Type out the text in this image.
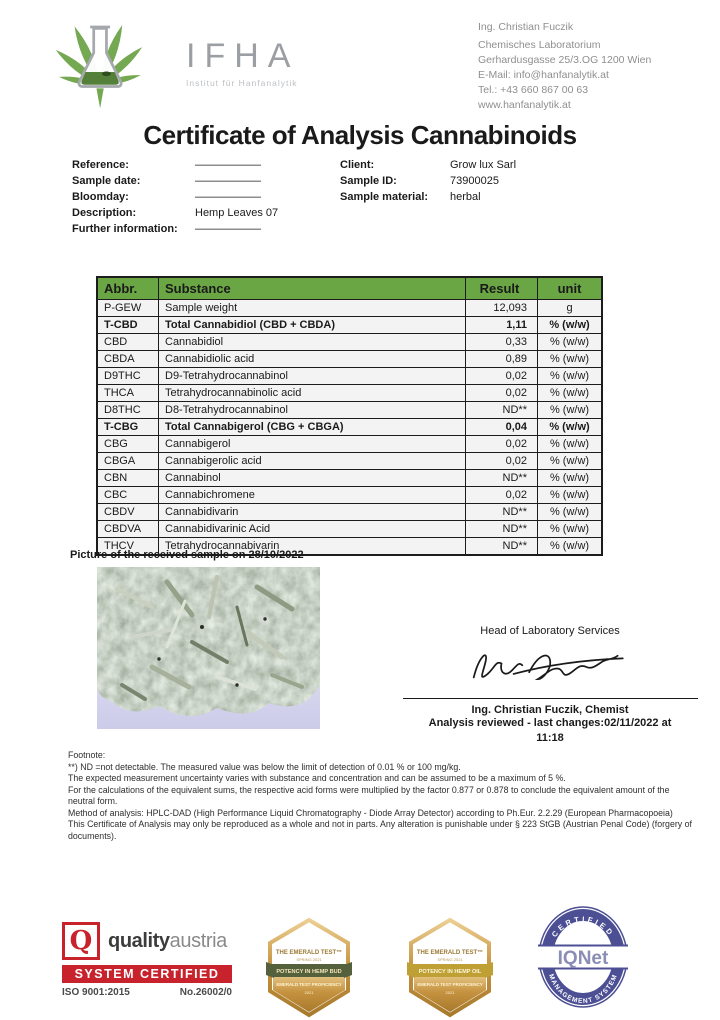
IFHA
Institut für Hanfanalytik
Ing. Christian Fuczik
Chemisches Laboratorium
Gerhardusgasse 25/3.OG 1200 Wien
E-Mail: info@hanfanalytik.at
Tel.: +43 660 867 00 63
www.hanfanalytik.at
Certificate of Analysis Cannabinoids
Reference:	——————
Sample date:	——————
Bloomday:	——————
Description:	Hemp Leaves 07
Further information:	——————
Client:	Grow lux Sarl
Sample ID:	73900025
Sample material:	herbal
Abbr.	Substance	Result	unit
P-GEW	Sample weight	12,093	g
T-CBD	Total Cannabidiol (CBD + CBDA)	1,11	% (w/w)
CBD	Cannabidiol	0,33	% (w/w)
CBDA	Cannabidiolic acid	0,89	% (w/w)
D9THC	D9-Tetrahydrocannabinol	0,02	% (w/w)
THCA	Tetrahydrocannabinolic acid	0,02	% (w/w)
D8THC	D8-Tetrahydrocannabinol	ND**	% (w/w)
T-CBG	Total Cannabigerol (CBG + CBGA)	0,04	% (w/w)
CBG	Cannabigerol	0,02	% (w/w)
CBGA	Cannabigerolic acid	0,02	% (w/w)
CBN	Cannabinol	ND**	% (w/w)
CBC	Cannabichromene	0,02	% (w/w)
CBDV	Cannabidivarin	ND**	% (w/w)
CBDVA	Cannabidivarinic Acid	ND**	% (w/w)
THCV	Tetrahydrocannabivarin	ND**	% (w/w)
Picture of the received sample on 28/10/2022
Head of Laboratory Services
Ing. Christian Fuczik, Chemist
Analysis reviewed - last changes:02/11/2022 at
11:18
Footnote:
**) ND =not detectable. The measured value was below the limit of detection of 0.01 % or 100 mg/kg.
The expected measurement uncertainty varies with substance and concentration and can be assumed to be a maximum of 5 %.
For the calculations of the equivalent sums, the respective acid forms were multiplied by the factor 0.877 or 0.878 to conclude the equivalent amount of the neutral form.
Method of analysis: HPLC-DAD (High Performance Liquid Chromatography - Diode Array Detector) according to Ph.Eur. 2.2.29 (European Pharmacopoeia)
This Certificate of Analysis may only be reproduced as a whole and not in parts. Any alteration is punishable under § 223 StGB (Austrian Penal Code) (forgery of documents).
Q qualityaustria
SYSTEM CERTIFIED
ISO 9001:2015	No.26002/0
THE EMERALD TEST™
SPRING 2021
POTENCY IN HEMP BUD
EMERALD TEST PROFICIENCY
2021
THE EMERALD TEST™
SPRING 2021
POTENCY IN HEMP OIL
EMERALD TEST PROFICIENCY
2021
IQNet
CERTIFIED
MANAGEMENT SYSTEM
